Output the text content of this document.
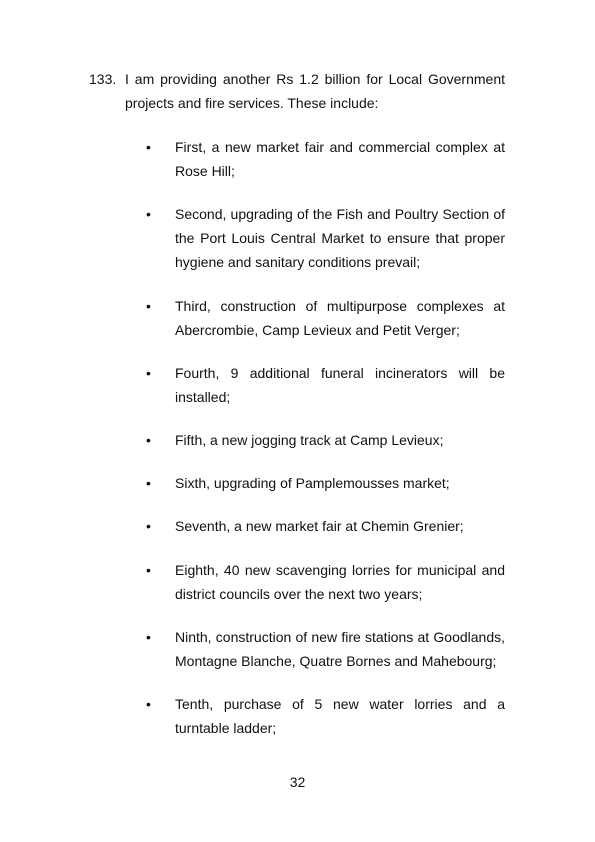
133. I am providing another Rs 1.2 billion for Local Government
projects and fire services. These include:
•	First, a new market fair and commercial complex at Rose Hill;
•	Second, upgrading of the Fish and Poultry Section of the Port Louis Central Market to ensure that proper hygiene and sanitary conditions prevail;
•	Third, construction of multipurpose complexes at Abercrombie, Camp Levieux and Petit Verger;
•	Fourth, 9 additional funeral incinerators will be installed;
•	Fifth, a new jogging track at Camp Levieux;
•	Sixth, upgrading of Pamplemousses market;
•	Seventh, a new market fair at Chemin Grenier;
•	Eighth, 40 new scavenging lorries for municipal and district councils over the next two years;
•	Ninth, construction of new fire stations at Goodlands, Montagne Blanche, Quatre Bornes and Mahebourg;
•	Tenth, purchase of 5 new water lorries and a turntable ladder;
32
